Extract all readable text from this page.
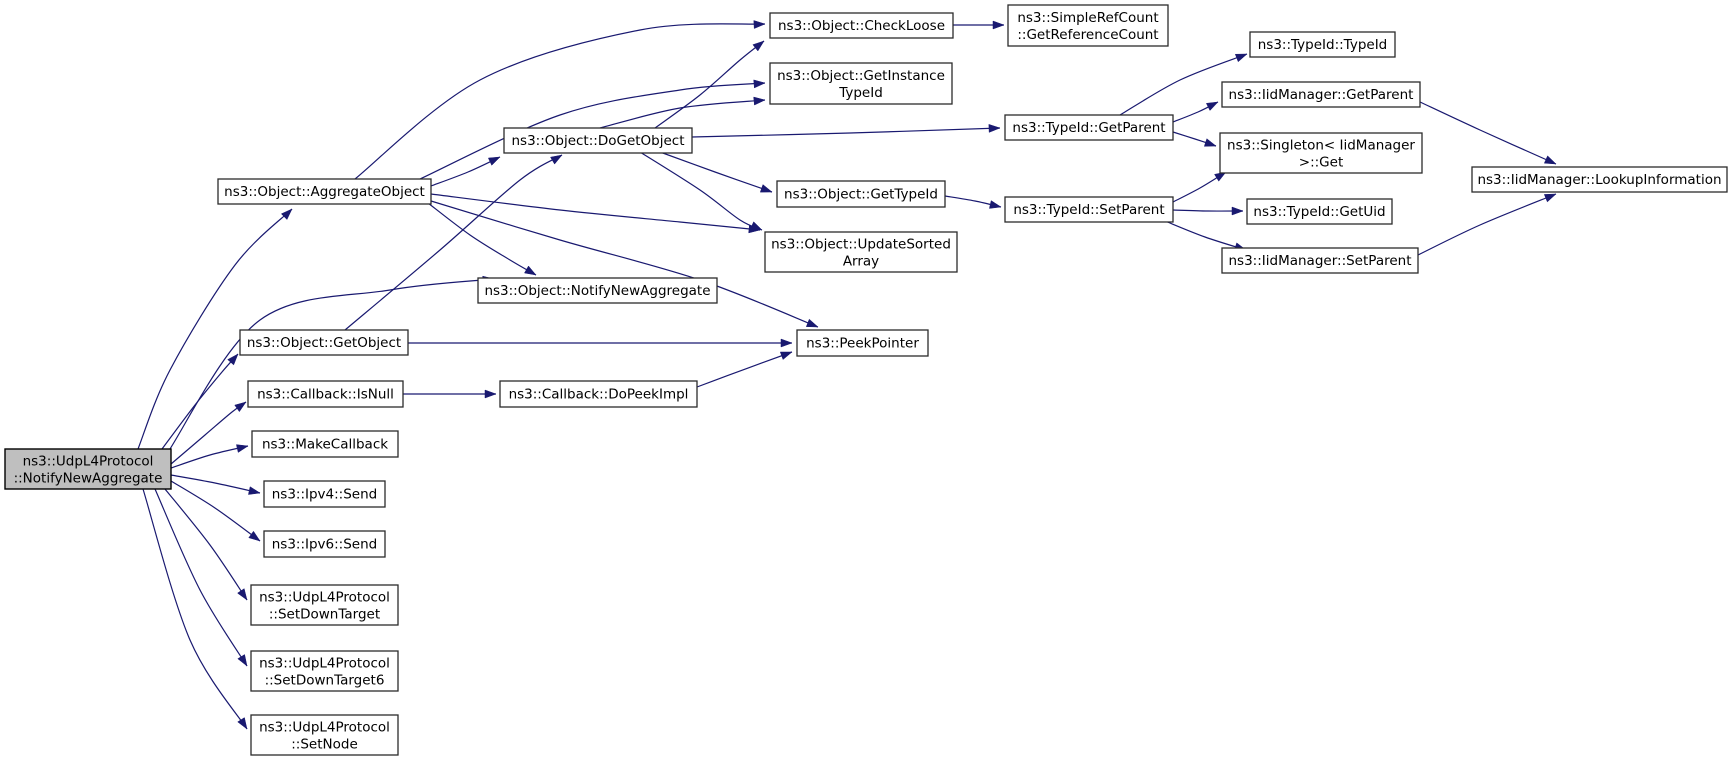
ns3::UdpL4Protocol ::NotifyNewAggregate
ns3::Object::AggregateObject
ns3::Object::CheckLoose	ns3::SimpleRefCount ::GetReferenceCount
ns3::Object::GetInstance TypeId
ns3::Object::DoGetObject
ns3::TypeId::GetParent
ns3::TypeId::TypeId
ns3::IidManager::GetParent
ns3::Singleton< IidManager >::Get
ns3::Object::GetTypeId
ns3::TypeId::SetParent	ns3::TypeId::GetUid
ns3::IidManager::SetParent
ns3::IidManager::LookupInformation
ns3::Object::UpdateSorted Array
ns3::Object::NotifyNewAggregate
ns3::PeekPointer
ns3::Object::GetObject
ns3::Callback::IsNull	ns3::Callback::DoPeekImpl
ns3::MakeCallback
ns3::Ipv4::Send
ns3::Ipv6::Send
ns3::UdpL4Protocol ::SetDownTarget
ns3::UdpL4Protocol ::SetDownTarget6
ns3::UdpL4Protocol ::SetNode
